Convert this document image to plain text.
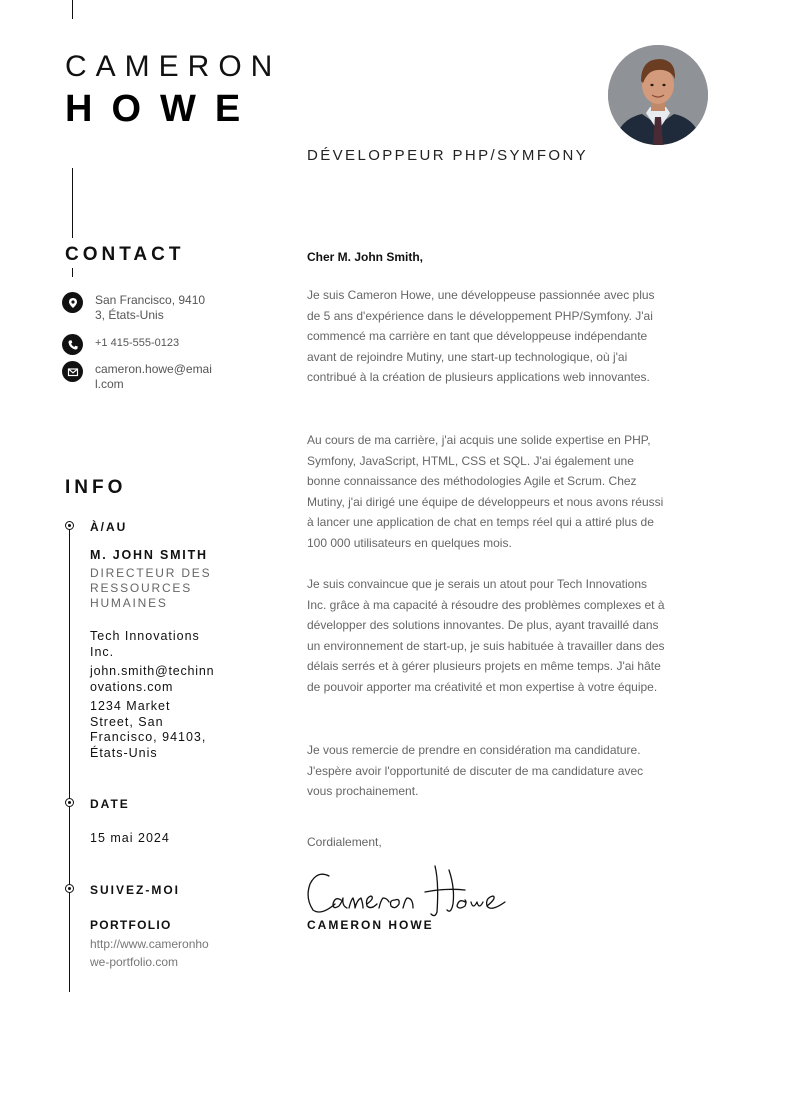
CAMERON
HOWE
DÉVELOPPEUR PHP/SYMFONY
CONTACT
San Francisco, 94103, États-Unis
+1 415-555-0123
cameron.howe@email.com
INFO
À/AU
M. JOHN SMITH
DIRECTEUR DES RESSOURCES HUMAINES
Tech Innovations Inc.
john.smith@techinnovations.com
1234 Market Street, San Francisco, 94103, États-Unis
DATE
15 mai 2024
SUIVEZ-MOI
PORTFOLIO
http://www.cameronhowe-portfolio.com
Cher M. John Smith,
Je suis Cameron Howe, une développeuse passionnée avec plus de 5 ans d'expérience dans le développement PHP/Symfony. J'ai commencé ma carrière en tant que développeuse indépendante avant de rejoindre Mutiny, une start-up technologique, où j'ai contribué à la création de plusieurs applications web innovantes.
Au cours de ma carrière, j'ai acquis une solide expertise en PHP, Symfony, JavaScript, HTML, CSS et SQL. J'ai également une bonne connaissance des méthodologies Agile et Scrum. Chez Mutiny, j'ai dirigé une équipe de développeurs et nous avons réussi à lancer une application de chat en temps réel qui a attiré plus de 100 000 utilisateurs en quelques mois.
Je suis convaincue que je serais un atout pour Tech Innovations Inc. grâce à ma capacité à résoudre des problèmes complexes et à développer des solutions innovantes. De plus, ayant travaillé dans un environnement de start-up, je suis habituée à travailler dans des délais serrés et à gérer plusieurs projets en même temps. J'ai hâte de pouvoir apporter ma créativité et mon expertise à votre équipe.
Je vous remercie de prendre en considération ma candidature. J'espère avoir l'opportunité de discuter de ma candidature avec vous prochainement.
Cordialement,
CAMERON HOWE
